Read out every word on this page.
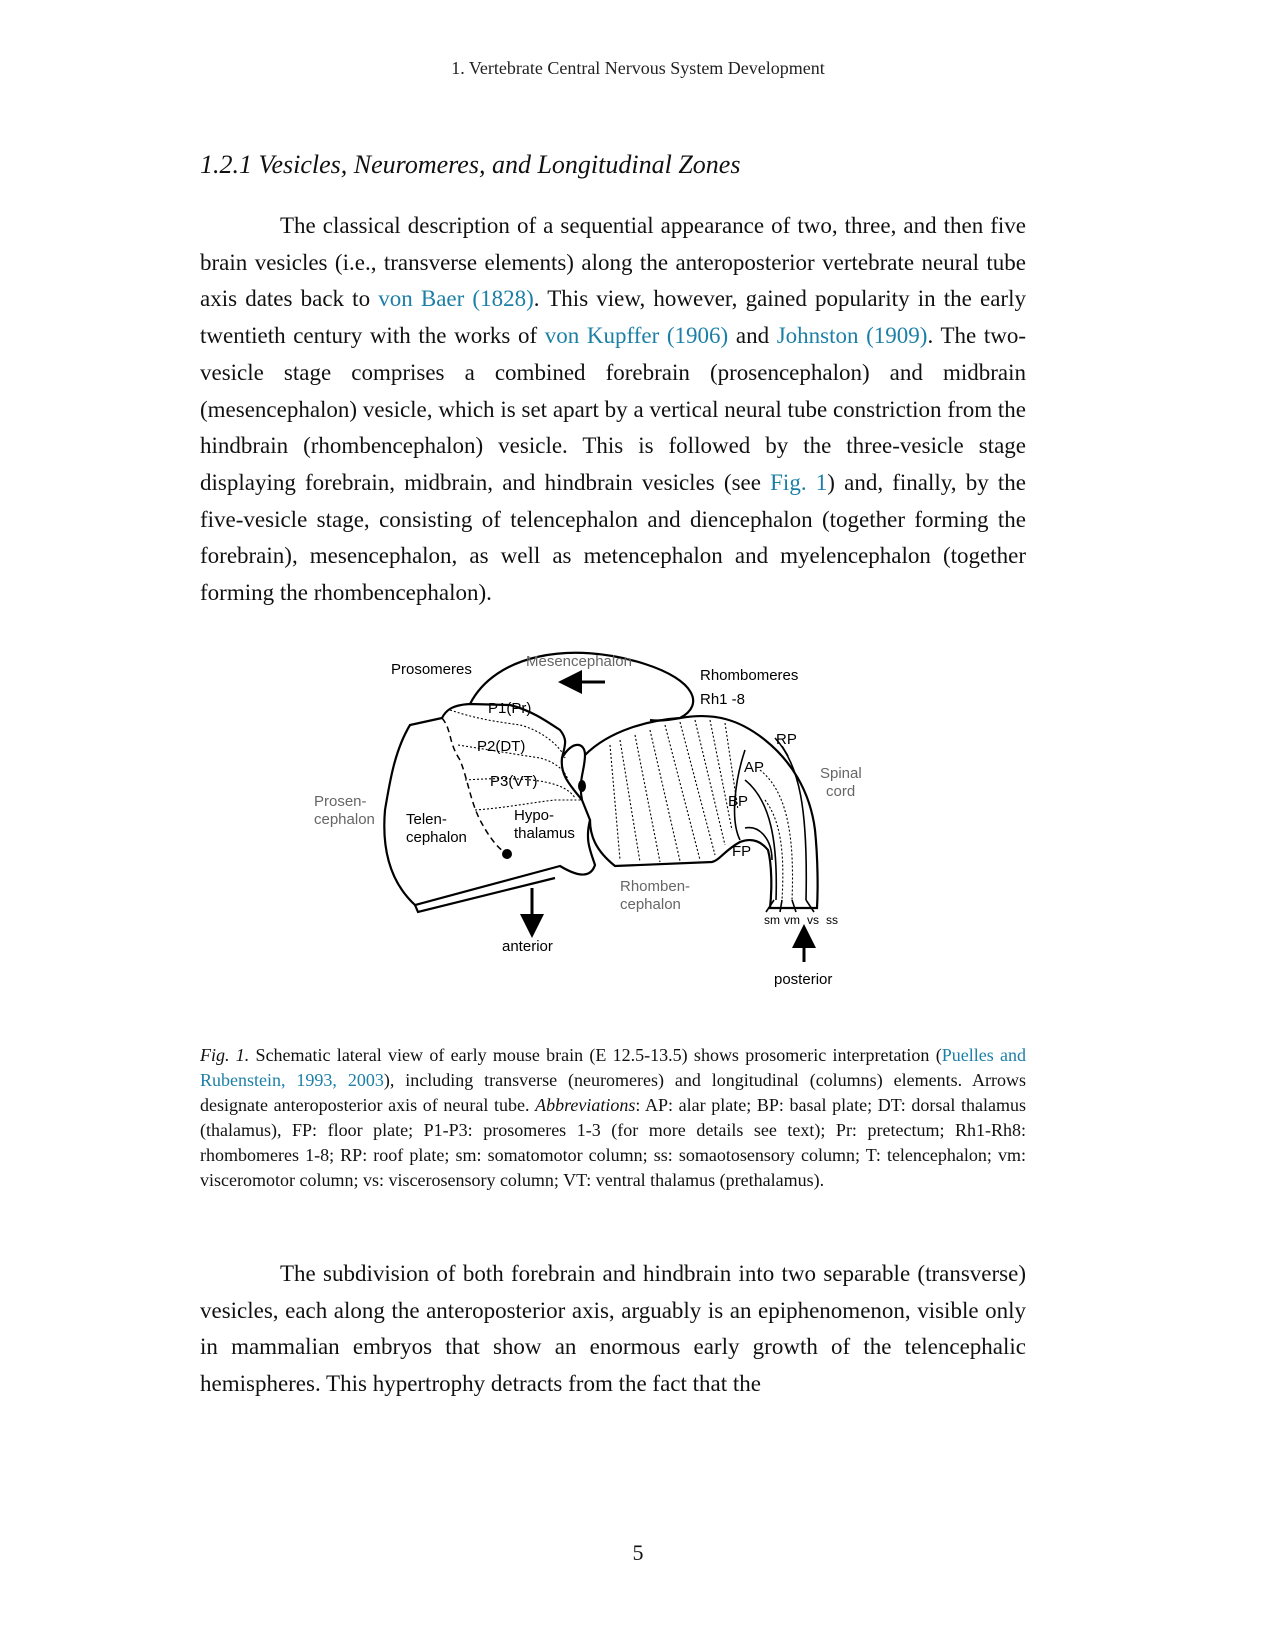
1. Vertebrate Central Nervous System Development
1.2.1 Vesicles, Neuromeres, and Longitudinal Zones

The classical description of a sequential appearance of two, three, and then five brain vesicles (i.e., transverse elements) along the anteroposterior vertebrate neural tube axis dates back to von Baer (1828). This view, however, gained popularity in the early twentieth century with the works of von Kupffer (1906) and Johnston (1909). The two-vesicle stage comprises a combined forebrain (prosencephalon) and midbrain (mesencephalon) vesicle, which is set apart by a vertical neural tube constriction from the hindbrain (rhombencephalon) vesicle. This is followed by the three-vesicle stage displaying forebrain, midbrain, and hindbrain vesicles (see Fig. 1) and, finally, by the five-vesicle stage, consisting of telencephalon and diencephalon (together forming the forebrain), mesencephalon, as well as metencephalon and myelencephalon (together forming the rhombencephalon).

Prosomeres	Mesencephalon
Rhombomeres
Rh1 -8
P1(Pr)
P2(DT)
P3(VT)
RP
AP
BP
FP
Spinal
cord
Prosen-
cephalon Telen-
cephalon
Hypo-
thalamus
Rhomben-
cephalon
sm vm vs ss
anterior
posterior

Fig. 1. Schematic lateral view of early mouse brain (E 12.5-13.5) shows prosomeric interpretation (Puelles and Rubenstein, 1993, 2003), including transverse (neuromeres) and longitudinal (columns) elements. Arrows designate anteroposterior axis of neural tube. Abbreviations: AP: alar plate; BP: basal plate; DT: dorsal thalamus (thalamus), FP: floor plate; P1-P3: prosomeres 1-3 (for more details see text); Pr: pretectum; Rh1-Rh8: rhombomeres 1-8; RP: roof plate; sm: somatomotor column; ss: somaotosensory column; T: telencephalon; vm: visceromotor column; vs: viscerosensory column; VT: ventral thalamus (prethalamus).

The subdivision of both forebrain and hindbrain into two separable (transverse) vesicles, each along the anteroposterior axis, arguably is an epiphenomenon, visible only in mammalian embryos that show an enormous early growth of the telencephalic hemispheres. This hypertrophy detracts from the fact that the

5
